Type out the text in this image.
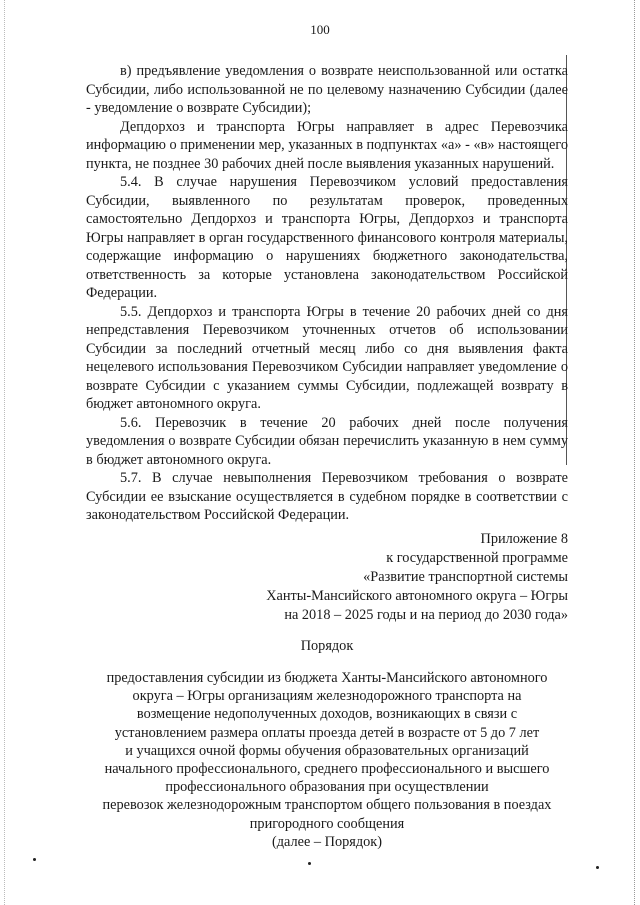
100

в) предъявление уведомления о возврате неиспользованной или остатка Субсидии, либо использованной не по целевому назначению Субсидии (далее - уведомление о возврате Субсидии);

Депдорхоз и транспорта Югры направляет в адрес Перевозчика информацию о применении мер, указанных в подпунктах «а» - «в» настоящего пункта, не позднее 30 рабочих дней после выявления указанных нарушений.

5.4. В случае нарушения Перевозчиком условий предоставления Субсидии, выявленного по результатам проверок, проведенных самостоятельно Депдорхоз и транспорта Югры, Депдорхоз и транспорта Югры направляет в орган государственного финансового контроля материалы, содержащие информацию о нарушениях бюджетного законодательства, ответственность за которые установлена законодательством Российской Федерации.

5.5. Депдорхоз и транспорта Югры в течение 20 рабочих дней со дня непредставления Перевозчиком уточненных отчетов об использовании Субсидии за последний отчетный месяц либо со дня выявления факта нецелевого использования Перевозчиком Субсидии направляет уведомление о возврате Субсидии с указанием суммы Субсидии, подлежащей возврату в бюджет автономного округа.

5.6. Перевозчик в течение 20 рабочих дней после получения уведомления о возврате Субсидии обязан перечислить указанную в нем сумму в бюджет автономного округа.

5.7. В случае невыполнения Перевозчиком требования о возврате Субсидии ее взыскание осуществляется в судебном порядке в соответствии с законодательством Российской Федерации.

Приложение 8
к государственной программе
«Развитие транспортной системы
Ханты-Мансийского автономного округа – Югры
на 2018 – 2025 годы и на период до 2030 года»
Порядок
предоставления субсидии из бюджета Ханты-Мансийского автономного
округа – Югры организациям железнодорожного транспорта на
возмещение недополученных доходов, возникающих в связи с
установлением размера оплаты проезда детей в возрасте от 5 до 7 лет
и учащихся очной формы обучения образовательных организаций
начального профессионального, среднего профессионального и высшего
профессионального образования при осуществлении
перевозок железнодорожным транспортом общего пользования в поездах
пригородного сообщения
(далее – Порядок)
